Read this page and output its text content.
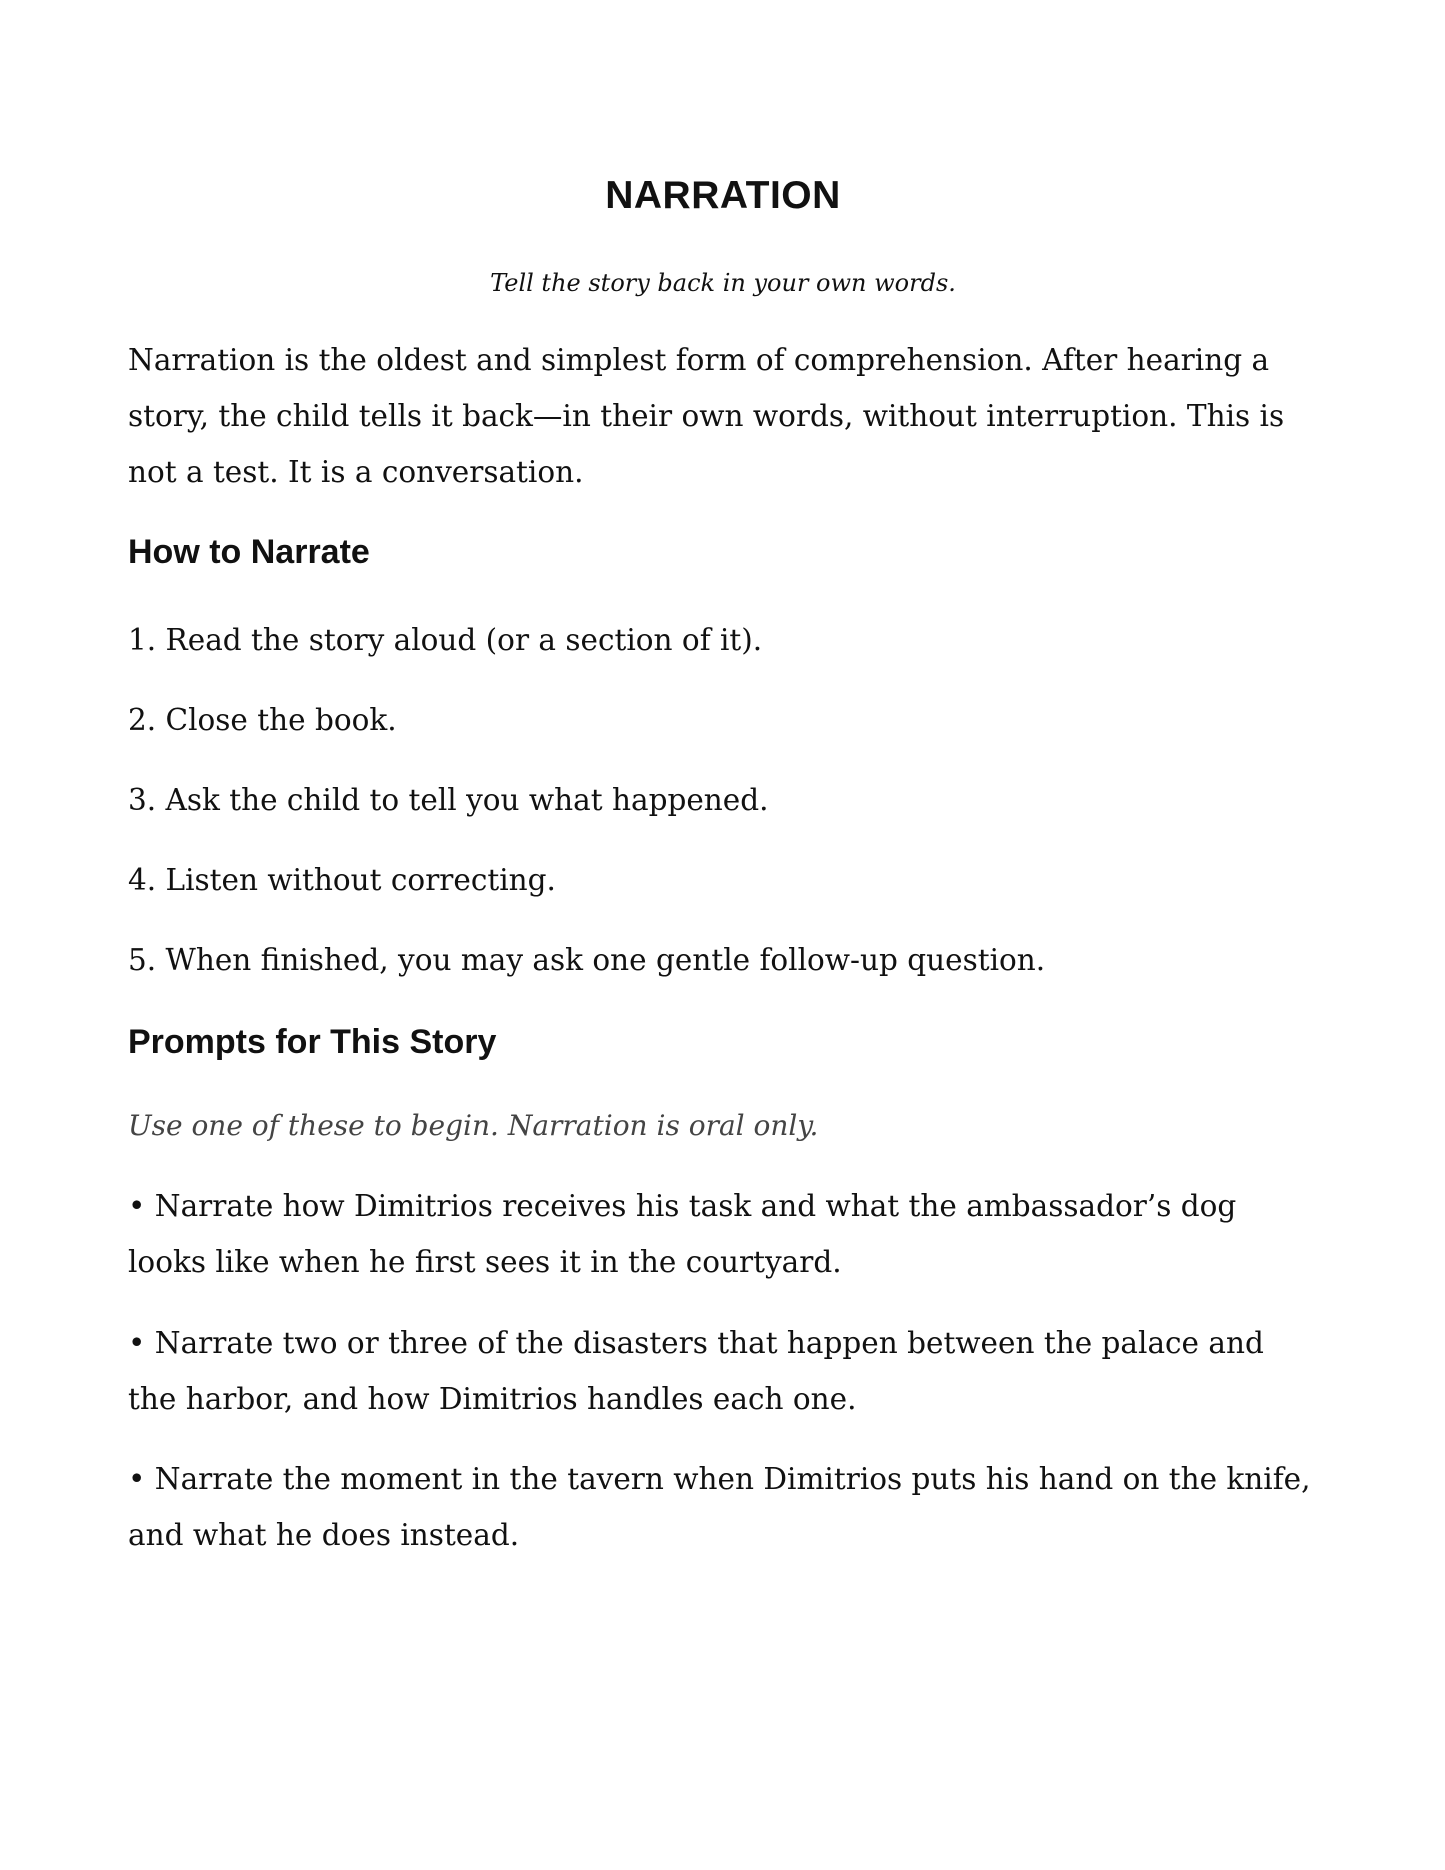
NARRATION

Tell the story back in your own words.

Narration is the oldest and simplest form of comprehension. After hearing a story, the child tells it back—in their own words, without interruption. This is not a test. It is a conversation.

How to Narrate

1. Read the story aloud (or a section of it).

2. Close the book.

3. Ask the child to tell you what happened.

4. Listen without correcting.

5. When finished, you may ask one gentle follow-up question.

Prompts for This Story

Use one of these to begin. Narration is oral only.

• Narrate how Dimitrios receives his task and what the ambassador’s dog looks like when he first sees it in the courtyard.

• Narrate two or three of the disasters that happen between the palace and the harbor, and how Dimitrios handles each one.

• Narrate the moment in the tavern when Dimitrios puts his hand on the knife, and what he does instead.
